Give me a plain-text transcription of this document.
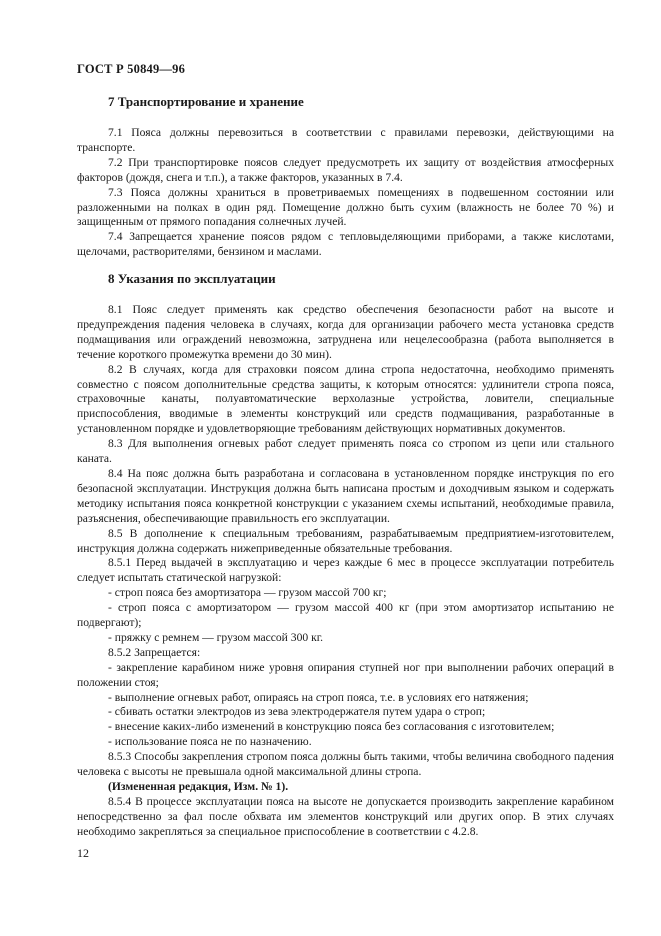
ГОСТ Р 50849—96
7 Транспортирование и хранение

7.1 Пояса должны перевозиться в соответствии с правилами перевозки, действующими на транспорте.

7.2 При транспортировке поясов следует предусмотреть их защиту от воздействия атмосферных факторов (дождя, снега и т.п.), а также факторов, указанных в 7.4.

7.3 Пояса должны храниться в проветриваемых помещениях в подвешенном состоянии или разложенными на полках в один ряд. Помещение должно быть сухим (влажность не более 70 %) и защищенным от прямого попадания солнечных лучей.

7.4 Запрещается хранение поясов рядом с тепловыделяющими приборами, а также кислотами, щелочами, растворителями, бензином и маслами.

8 Указания по эксплуатации

8.1 Пояс следует применять как средство обеспечения безопасности работ на высоте и предупреждения падения человека в случаях, когда для организации рабочего места установка средств подмащивания или ограждений невозможна, затруднена или нецелесообразна (работа выполняется в течение короткого промежутка времени до 30 мин).

8.2 В случаях, когда для страховки поясом длина стропа недостаточна, необходимо применять совместно с поясом дополнительные средства защиты, к которым относятся: удлинители стропа пояса, страховочные канаты, полуавтоматические верхолазные устройства, ловители, специальные приспособления, вводимые в элементы конструкций или средств подмащивания, разработанные в установленном порядке и удовлетворяющие требованиям действующих нормативных документов.

8.3 Для выполнения огневых работ следует применять пояса со стропом из цепи или стального каната.

8.4 На пояс должна быть разработана и согласована в установленном порядке инструкция по его безопасной эксплуатации. Инструкция должна быть написана простым и доходчивым языком и содержать методику испытания пояса конкретной конструкции с указанием схемы испытаний, необходимые правила, разъяснения, обеспечивающие правильность его эксплуатации.

8.5 В дополнение к специальным требованиям, разрабатываемым предприятием-изготовителем, инструкция должна содержать нижеприведенные обязательные требования.

8.5.1 Перед выдачей в эксплуатацию и через каждые 6 мес в процессе эксплуатации потребитель следует испытать статической нагрузкой:

- строп пояса без амортизатора — грузом массой 700 кг;

- строп пояса с амортизатором — грузом массой 400 кг (при этом амортизатор испытанию не подвергают);

- пряжку с ремнем — грузом массой 300 кг.

8.5.2 Запрещается:

- закрепление карабином ниже уровня опирания ступней ног при выполнении рабочих операций в положении стоя;

- выполнение огневых работ, опираясь на строп пояса, т.е. в условиях его натяжения;

- сбивать остатки электродов из зева электродержателя путем удара о строп;

- внесение каких-либо изменений в конструкцию пояса без согласования с изготовителем;

- использование пояса не по назначению.

8.5.3 Способы закрепления стропом пояса должны быть такими, чтобы величина свободного падения человека с высоты не превышала одной максимальной длины стропа.

(Измененная редакция, Изм. № 1).

8.5.4 В процессе эксплуатации пояса на высоте не допускается производить закрепление карабином непосредственно за фал после обхвата им элементов конструкций или других опор. В этих случаях необходимо закрепляться за специальное приспособление в соответствии с 4.2.8.

12
